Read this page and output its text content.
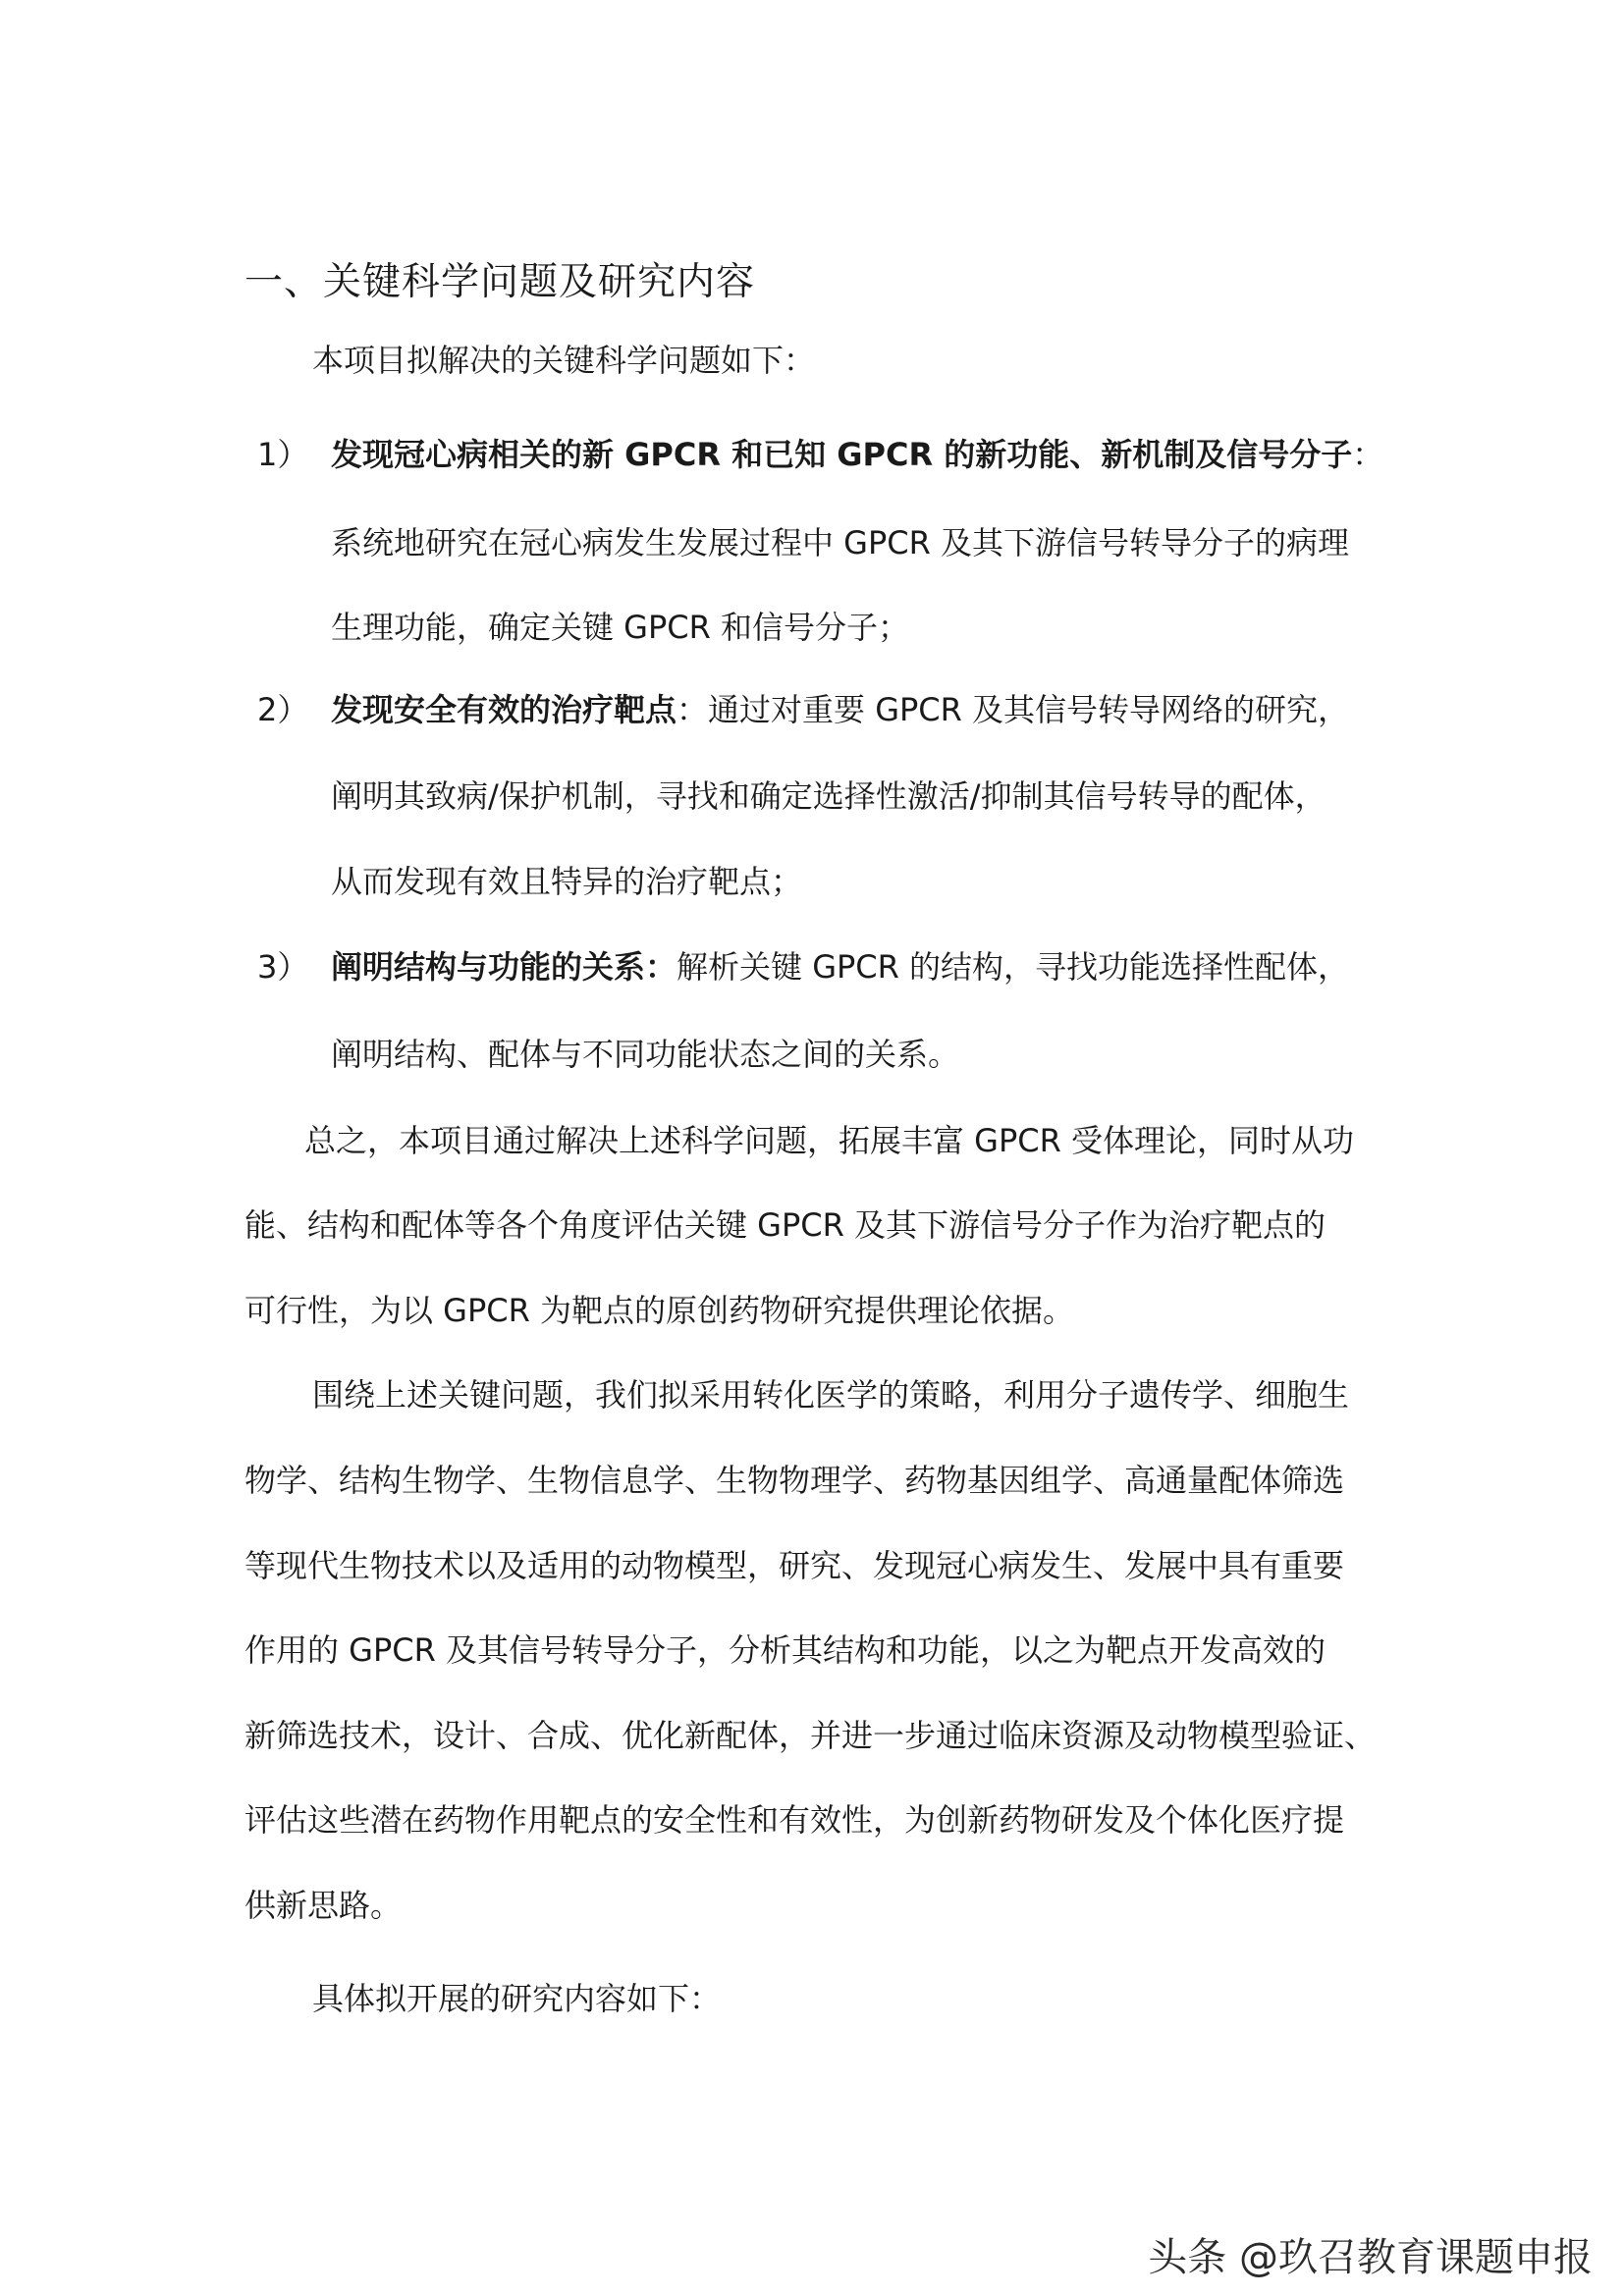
一、关键科学问题及研究内容
本项目拟解决的关键科学问题如下：
1） 发现冠心病相关的新 GPCR 和已知 GPCR 的新功能、新机制及信号分子：
系统地研究在冠心病发生发展过程中 GPCR 及其下游信号转导分子的病理
生理功能，确定关键 GPCR 和信号分子；
2） 发现安全有效的治疗靶点：通过对重要 GPCR 及其信号转导网络的研究，
阐明其致病/保护机制，寻找和确定选择性激活/抑制其信号转导的配体，
从而发现有效且特异的治疗靶点；
3） 阐明结构与功能的关系：解析关键 GPCR 的结构，寻找功能选择性配体，
阐明结构、配体与不同功能状态之间的关系。
总之，本项目通过解决上述科学问题，拓展丰富 GPCR 受体理论，同时从功
能、结构和配体等各个角度评估关键 GPCR 及其下游信号分子作为治疗靶点的
可行性，为以 GPCR 为靶点的原创药物研究提供理论依据。
围绕上述关键问题，我们拟采用转化医学的策略，利用分子遗传学、细胞生
物学、结构生物学、生物信息学、生物物理学、药物基因组学、高通量配体筛选
等现代生物技术以及适用的动物模型，研究、发现冠心病发生、发展中具有重要
作用的 GPCR 及其信号转导分子，分析其结构和功能，以之为靶点开发高效的
新筛选技术，设计、合成、优化新配体，并进一步通过临床资源及动物模型验证、
评估这些潜在药物作用靶点的安全性和有效性，为创新药物研发及个体化医疗提
供新思路。
具体拟开展的研究内容如下：
头条 @玖召教育课题申报
